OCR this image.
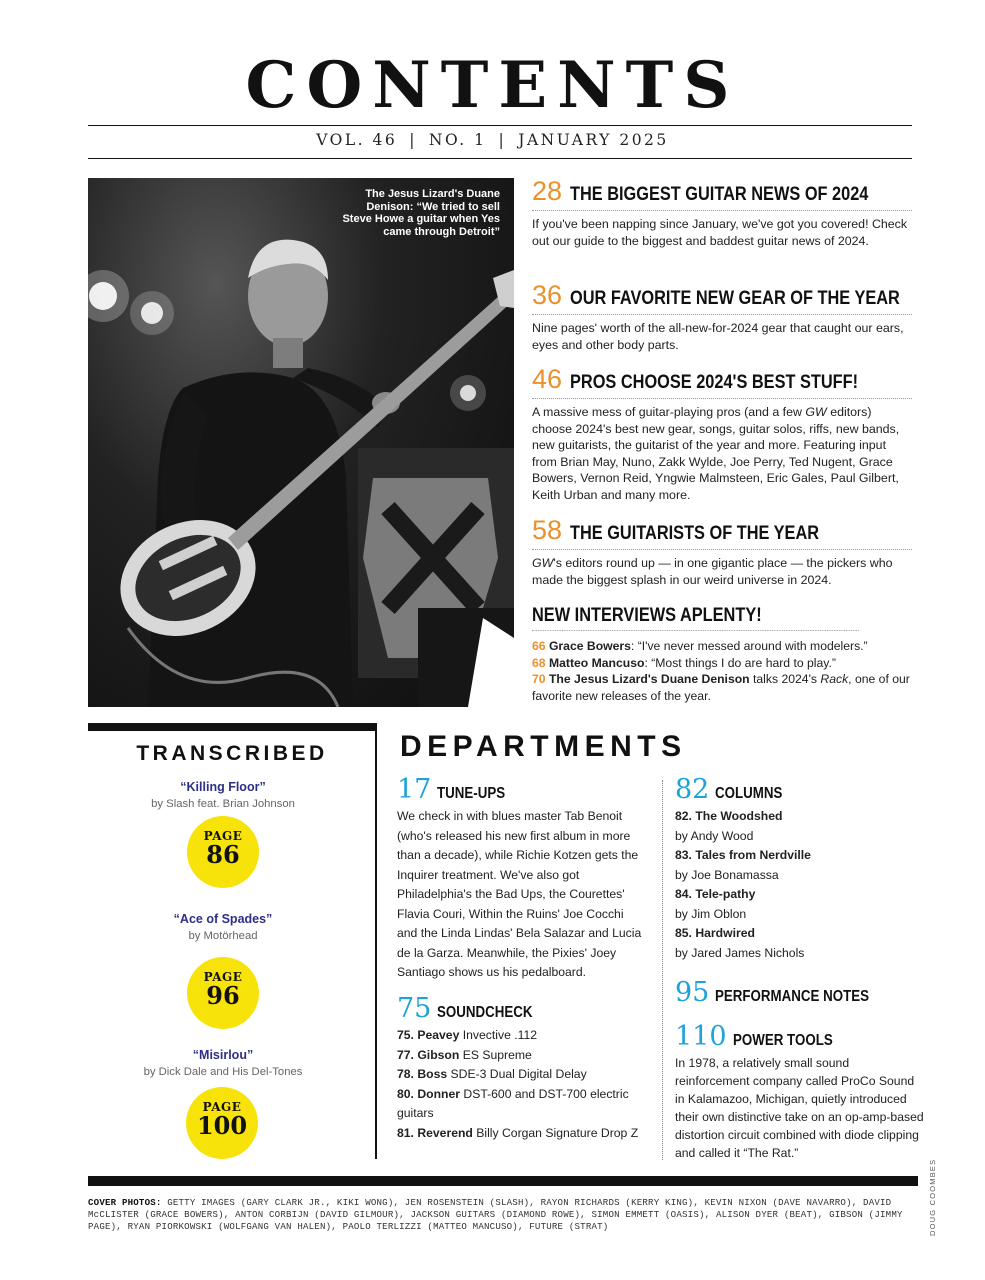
CONTENTS
VOL. 46 | NO. 1 | JANUARY 2025
The Jesus Lizard's Duane Denison: “We tried to sell Steve Howe a guitar when Yes came through Detroit”
28 THE BIGGEST GUITAR NEWS OF 2024
If you've been napping since January, we've got you covered! Check out our guide to the biggest and baddest guitar news of 2024.
36 OUR FAVORITE NEW GEAR OF THE YEAR
Nine pages' worth of the all-new-for-2024 gear that caught our ears, eyes and other body parts.
46 PROS CHOOSE 2024'S BEST STUFF!
A massive mess of guitar-playing pros (and a few GW editors) choose 2024's best new gear, songs, guitar solos, riffs, new bands, new guitarists, the guitarist of the year and more. Featuring input from Brian May, Nuno, Zakk Wylde, Joe Perry, Ted Nugent, Grace Bowers, Vernon Reid, Yngwie Malmsteen, Eric Gales, Paul Gilbert, Keith Urban and many more.
58 THE GUITARISTS OF THE YEAR
GW's editors round up — in one gigantic place — the pickers who made the biggest splash in our weird universe in 2024.
NEW INTERVIEWS APLENTY!
66 Grace Bowers: “I've never messed around with modelers.”
68 Matteo Mancuso: “Most things I do are hard to play.”
70 The Jesus Lizard's Duane Denison talks 2024's Rack, one of our favorite new releases of the year.
TRANSCRIBED
“Killing Floor”
by Slash feat. Brian Johnson
PAGE
86
“Ace of Spades”
by Motörhead
PAGE
96
“Misirlou”
by Dick Dale and His Del-Tones
PAGE
100
DEPARTMENTS
17 TUNE-UPS
We check in with blues master Tab Benoit (who's released his new first album in more than a decade), while Richie Kotzen gets the Inquirer treatment. We've also got Philadelphia's the Bad Ups, the Courettes' Flavia Couri, Within the Ruins' Joe Cocchi and the Linda Lindas' Bela Salazar and Lucia de la Garza. Meanwhile, the Pixies' Joey Santiago shows us his pedalboard.
75 SOUNDCHECK
75. Peavey Invective .112
77. Gibson ES Supreme
78. Boss SDE-3 Dual Digital Delay
80. Donner DST-600 and DST-700 electric guitars
81. Reverend Billy Corgan Signature Drop Z
82 COLUMNS
82. The Woodshed
by Andy Wood
83. Tales from Nerdville
by Joe Bonamassa
84. Tele-pathy
by Jim Oblon
85. Hardwired
by Jared James Nichols
95 PERFORMANCE NOTES
110 POWER TOOLS
In 1978, a relatively small sound reinforcement company called ProCo Sound in Kalamazoo, Michigan, quietly introduced their own distinctive take on an op-amp-based distortion circuit combined with diode clipping and called it “The Rat.”
COVER PHOTOS: GETTY IMAGES (GARY CLARK JR., KIKI WONG), JEN ROSENSTEIN (SLASH), RAYON RICHARDS (KERRY KING), KEVIN NIXON (DAVE NAVARRO), DAVID McCLISTER (GRACE BOWERS), ANTON CORBIJN (DAVID GILMOUR), JACKSON GUITARS (DIAMOND ROWE), SIMON EMMETT (OASIS), ALISON DYER (BEAT), GIBSON (JIMMY PAGE), RYAN PIORKOWSKI (WOLFGANG VAN HALEN), PAOLO TERLIZZI (MATTEO MANCUSO), FUTURE (STRAT)	DOUG COOMBES
